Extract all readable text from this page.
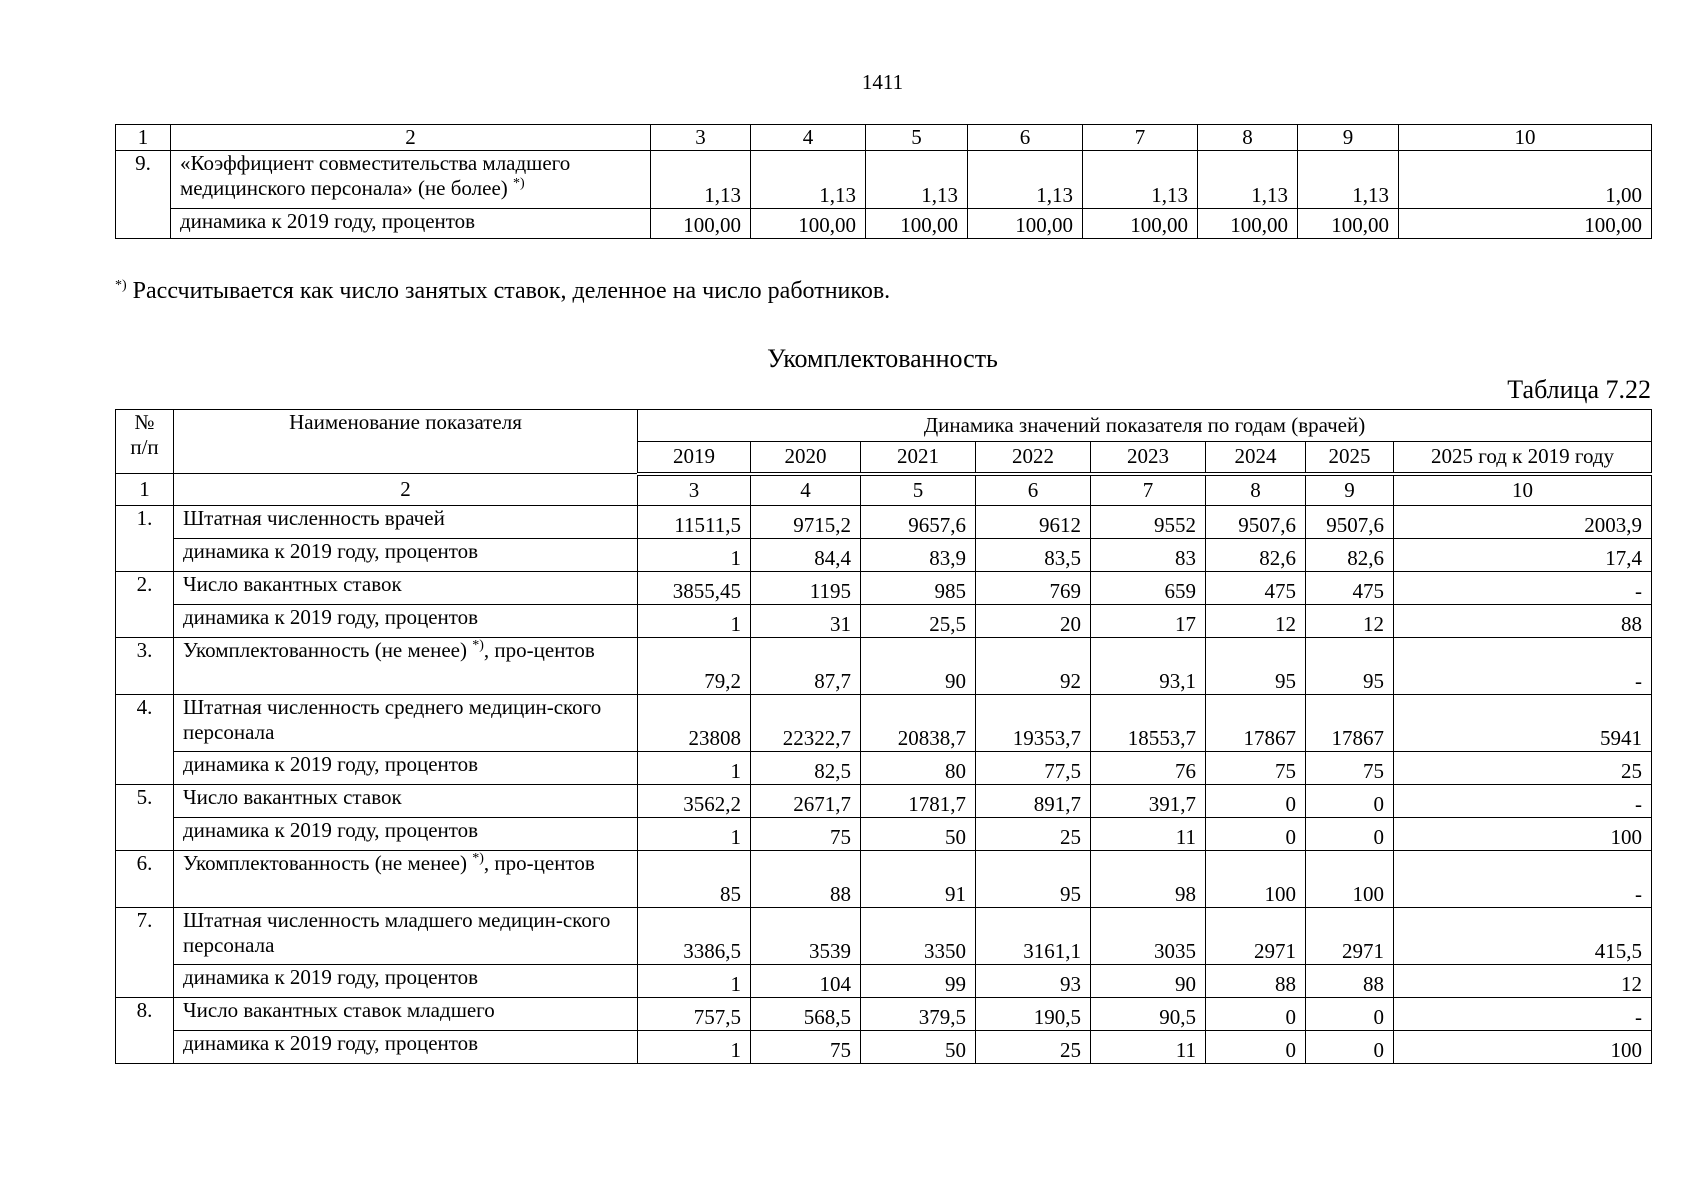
1411
1	2	3	4	5	6	7	8	9	10
9.	«Коэффициент совместительства младшего медицинского персонала» (не более) *)	1,13	1,13	1,13	1,13	1,13	1,13	1,13	1,00
	динамика к 2019 году, процентов	100,00	100,00	100,00	100,00	100,00	100,00	100,00	100,00
*) Рассчитывается как число занятых ставок, деленное на число работников.
Укомплектованность
Таблица 7.22
№ п/п	Наименование показателя	Динамика значений показателя по годам (врачей)							
		2019	2020	2021	2022	2023	2024	2025	2025 год к 2019 году
1	2	3	4	5	6	7	8	9	10
1.	Штатная численность врачей	11511,5	9715,2	9657,6	9612	9552	9507,6	9507,6	2003,9
	динамика к 2019 году, процентов	1	84,4	83,9	83,5	83	82,6	82,6	17,4
2.	Число вакантных ставок	3855,45	1195	985	769	659	475	475	-
	динамика к 2019 году, процентов	1	31	25,5	20	17	12	12	88
3.	Укомплектованность (не менее) *), про-центов	79,2	87,7	90	92	93,1	95	95	-
4.	Штатная численность среднего медицин-ского персонала	23808	22322,7	20838,7	19353,7	18553,7	17867	17867	5941
	динамика к 2019 году, процентов	1	82,5	80	77,5	76	75	75	25
5.	Число вакантных ставок	3562,2	2671,7	1781,7	891,7	391,7	0	0	-
	динамика к 2019 году, процентов	1	75	50	25	11	0	0	100
6.	Укомплектованность (не менее) *), про-центов	85	88	91	95	98	100	100	-
7.	Штатная численность младшего медицин-ского персонала	3386,5	3539	3350	3161,1	3035	2971	2971	415,5
	динамика к 2019 году, процентов	1	104	99	93	90	88	88	12
8.	Число вакантных ставок младшего	757,5	568,5	379,5	190,5	90,5	0	0	-
	динамика к 2019 году, процентов	1	75	50	25	11	0	0	100
